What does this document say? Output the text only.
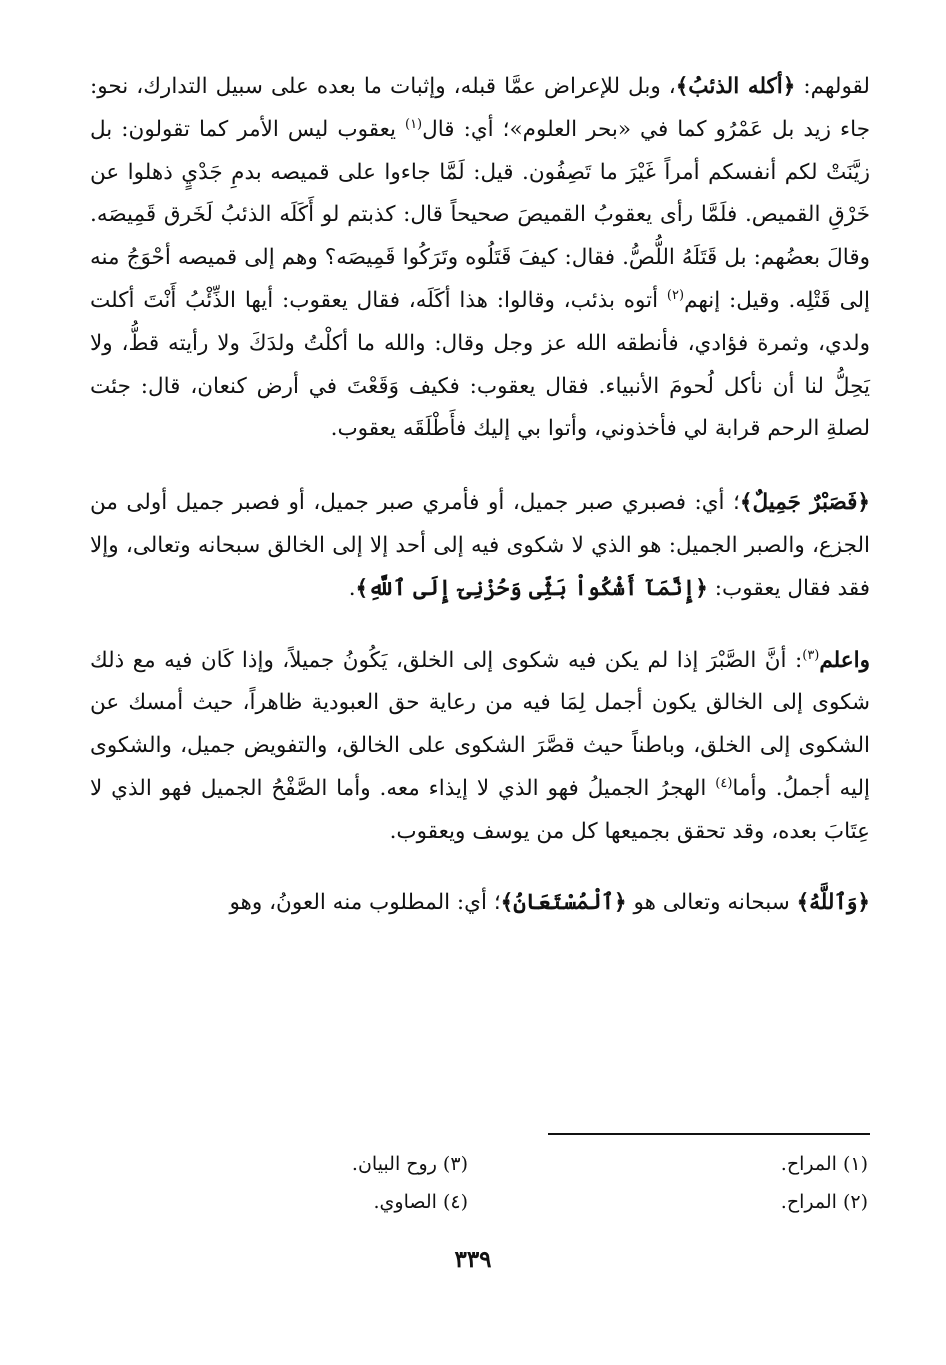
لقولهم: ﴿أكله الذئبُ﴾، وبل للإعراض عمَّا قبله، وإثبات ما بعده على سبيل التدارك، نحو: جاء زيد بل عَمْرُو كما في «بحر العلوم»؛ أي: قال$^{(١)}$ يعقوب ليس الأمر كما تقولون: بل زيَّنَتْ لكم أنفسكم أمراً غَيْرَ ما تَصِفُون. قيل: لَمَّا جاءوا على قميصه بدمِ جَدْيٍ ذهلوا عن خَرْقِ القميص. فلَمَّا رأى يعقوبُ القميصَ صحيحاً قال: كذبتم لو أَكَلَه الذئبُ لَخَرق قَمِيصَه. وقالَ بعضُهم: بل قَتَلَهُ اللُّصُّ. فقال: كيفَ قَتَلُوه وتَرَكُوا قَمِيصَه؟ وهم إلى قميصه أحْوَجُ منه إلى قَتْلِه. وقيل: إنهم$^{(٢)}$ أتوه بذئب، وقالوا: هذا أكَلَه، فقال يعقوب: أيها الذِّئْبُ أَنْتَ أكلت ولدي، وثمرة فؤادي، فأنطقه الله عز وجل وقال: والله ما أكلْتُ ولدَكَ ولا رأيته قطُّ، ولا يَحِلُّ لنا أن نأكل لُحومَ الأنبياء. فقال يعقوب: فكيف وَقَعْتَ في أرض كنعان، قال: جئت لصلةِ الرحم قرابة لي فأخذوني، وأتوا بي إليك فأَطْلَقَه يعقوب.

﴿فَصَبْرٌ جَمِيلٌ﴾؛ أي: فصبري صبر جميل، أو فأمري صبر جميل، أو فصبر جميل أولى من الجزع، والصبر الجميل: هو الذي لا شكوى فيه إلى أحد إلا إلى الخالق سبحانه وتعالى، وإلا فقد فقال يعقوب: ﴿إِنَّمَآ أَشْكُواْ بَثِّى وَحُزْنِىٓ إِلَى ٱللَّهِ﴾.

واعلم$^{(٣)}$: أنَّ الصَّبْرَ إذا لم يكن فيه شكوى إلى الخلق، يَكُونُ جميلاً، وإذا كَان فيه مع ذلك شكوى إلى الخالق يكون أجمل لِمَا فيه من رعاية حق العبودية ظاهراً، حيث أمسك عن الشكوى إلى الخلق، وباطناً حيث قصَّرَ الشكوى على الخالق، والتفويض جميل، والشكوى إليه أجملُ. وأما$^{(٤)}$ الهجرُ الجميلُ فهو الذي لا إيذاء معه. وأما الصَّفْحُ الجميل فهو الذي لا عِتَابَ بعده، وقد تحقق بجميعها كل من يوسف ويعقوب.

﴿وَٱللَّهُ﴾ سبحانه وتعالى هو ﴿ٱلْمُسْتَعَانُ﴾؛ أي: المطلوب منه العونُ، وهو

(١) المراح.
(٢) المراح.
(٣) روح البيان.
(٤) الصاوي.
٣٣٩
